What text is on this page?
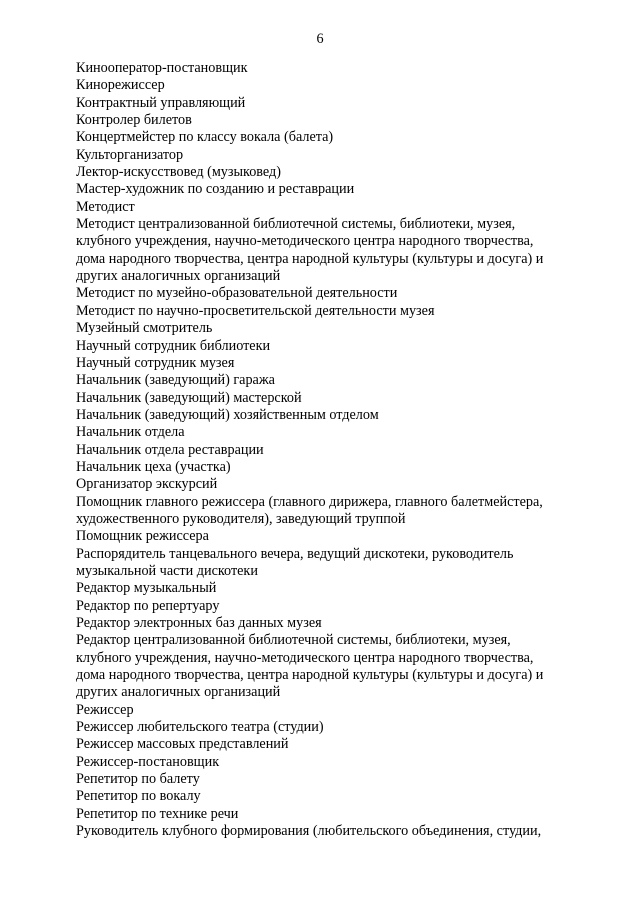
6
Кинооператор-постановщик
Кинорежиссер
Контрактный управляющий
Контролер билетов
Концертмейстер по классу вокала (балета)
Культорганизатор
Лектор-искусствовед (музыковед)
Мастер-художник по созданию и реставрации
Методист
Методист централизованной библиотечной системы, библиотеки, музея,
клубного учреждения, научно-методического центра народного творчества,
дома народного творчества, центра народной культуры (культуры и досуга) и
других аналогичных организаций
Методист по музейно-образовательной деятельности
Методист по научно-просветительской деятельности музея
Музейный смотритель
Научный сотрудник библиотеки
Научный сотрудник музея
Начальник (заведующий) гаража
Начальник (заведующий) мастерской
Начальник (заведующий) хозяйственным отделом
Начальник отдела
Начальник отдела реставрации
Начальник цеха (участка)
Организатор экскурсий
Помощник главного режиссера (главного дирижера, главного балетмейстера,
художественного руководителя), заведующий труппой
Помощник режиссера
Распорядитель танцевального вечера, ведущий дискотеки, руководитель
музыкальной части дискотеки
Редактор музыкальный
Редактор по репертуару
Редактор электронных баз данных музея
Редактор централизованной библиотечной системы, библиотеки, музея,
клубного учреждения, научно-методического центра народного творчества,
дома народного творчества, центра народной культуры (культуры и досуга) и
других аналогичных организаций
Режиссер
Режиссер любительского театра (студии)
Режиссер массовых представлений
Режиссер-постановщик
Репетитор по балету
Репетитор по вокалу
Репетитор по технике речи
Руководитель клубного формирования (любительского объединения, студии,
